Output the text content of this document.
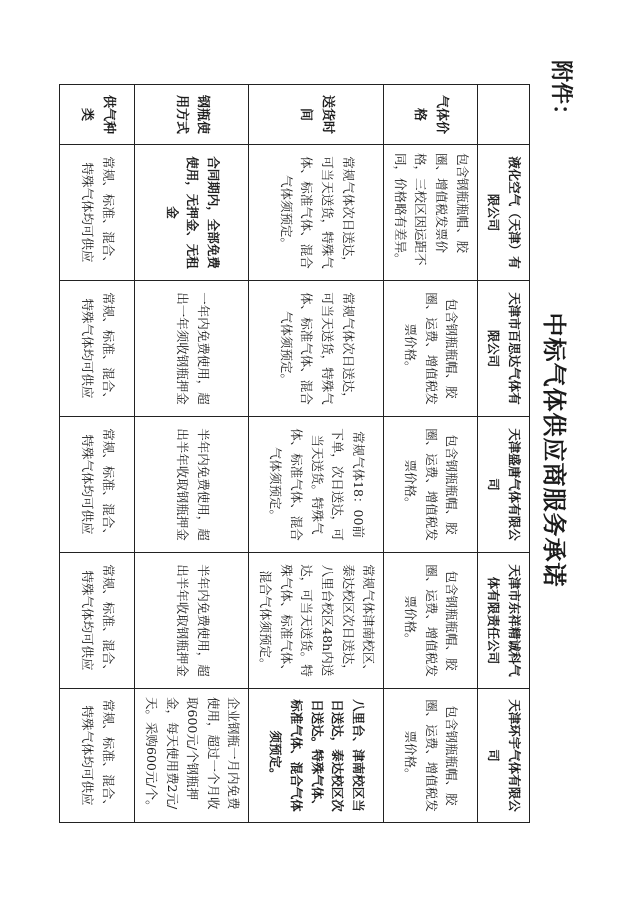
附件：
中标气体供应商服务承诺
	液化空气（天津）有限公司	天津市百思达气体有限公司	天津盛唐气体有限公司	天津市东祥精诚科气体有限责任公司	天津环宇气体有限公司
气体价格	包含钢瓶瓶帽、胶圈、增值税发票价格，三校区因运距不同，价格略有差异。	包含钢瓶瓶帽、胶圈、运费、增值税发票价格。	包含钢瓶瓶帽、胶圈、运费、增值税发票价格。	包含钢瓶瓶帽、胶圈、运费、增值税发票价格。	包含钢瓶瓶帽、胶圈、运费、增值税发票价格。
送货时间	常规气体次日送达，可当天送货，特殊气体、标准气体、混合气体须预定。	常规气体次日送达，可当天送货，特殊气体、标准气体、混合气体须预定。	常规气体18：00前下单，次日送达，可当天送货。特殊气体、标准气体、混合气体须预定。	常规气体津南校区、泰达校区次日送达，八里台校区48h内送达，可当天送货。特殊气体、标准气体、混合气体须预定。	八里台、津南校区当日送达，泰达校区次日送达。特殊气体、标准气体、混合气体须预定。
钢瓶使用方式	合同期内，全部免费使用，无押金、无租金	一年内免费使用，超出一年须收钢瓶押金	半年内免费使用，超出半年收取钢瓶押金	半年内免费使用，超出半年收取钢瓶押金	企业钢瓶一月内免费使用，超过一个月收取600元/个钢瓶押金，每天使用费2元/天。采购600元/个。
供气种类	常规、标准、混合、特殊气体均可供应	常规、标准、混合、特殊气体均可供应	常规、标准、混合、特殊气体均可供应	常规、标准、混合、特殊气体均可供应	常规、标准、混合、特殊气体均可供应
